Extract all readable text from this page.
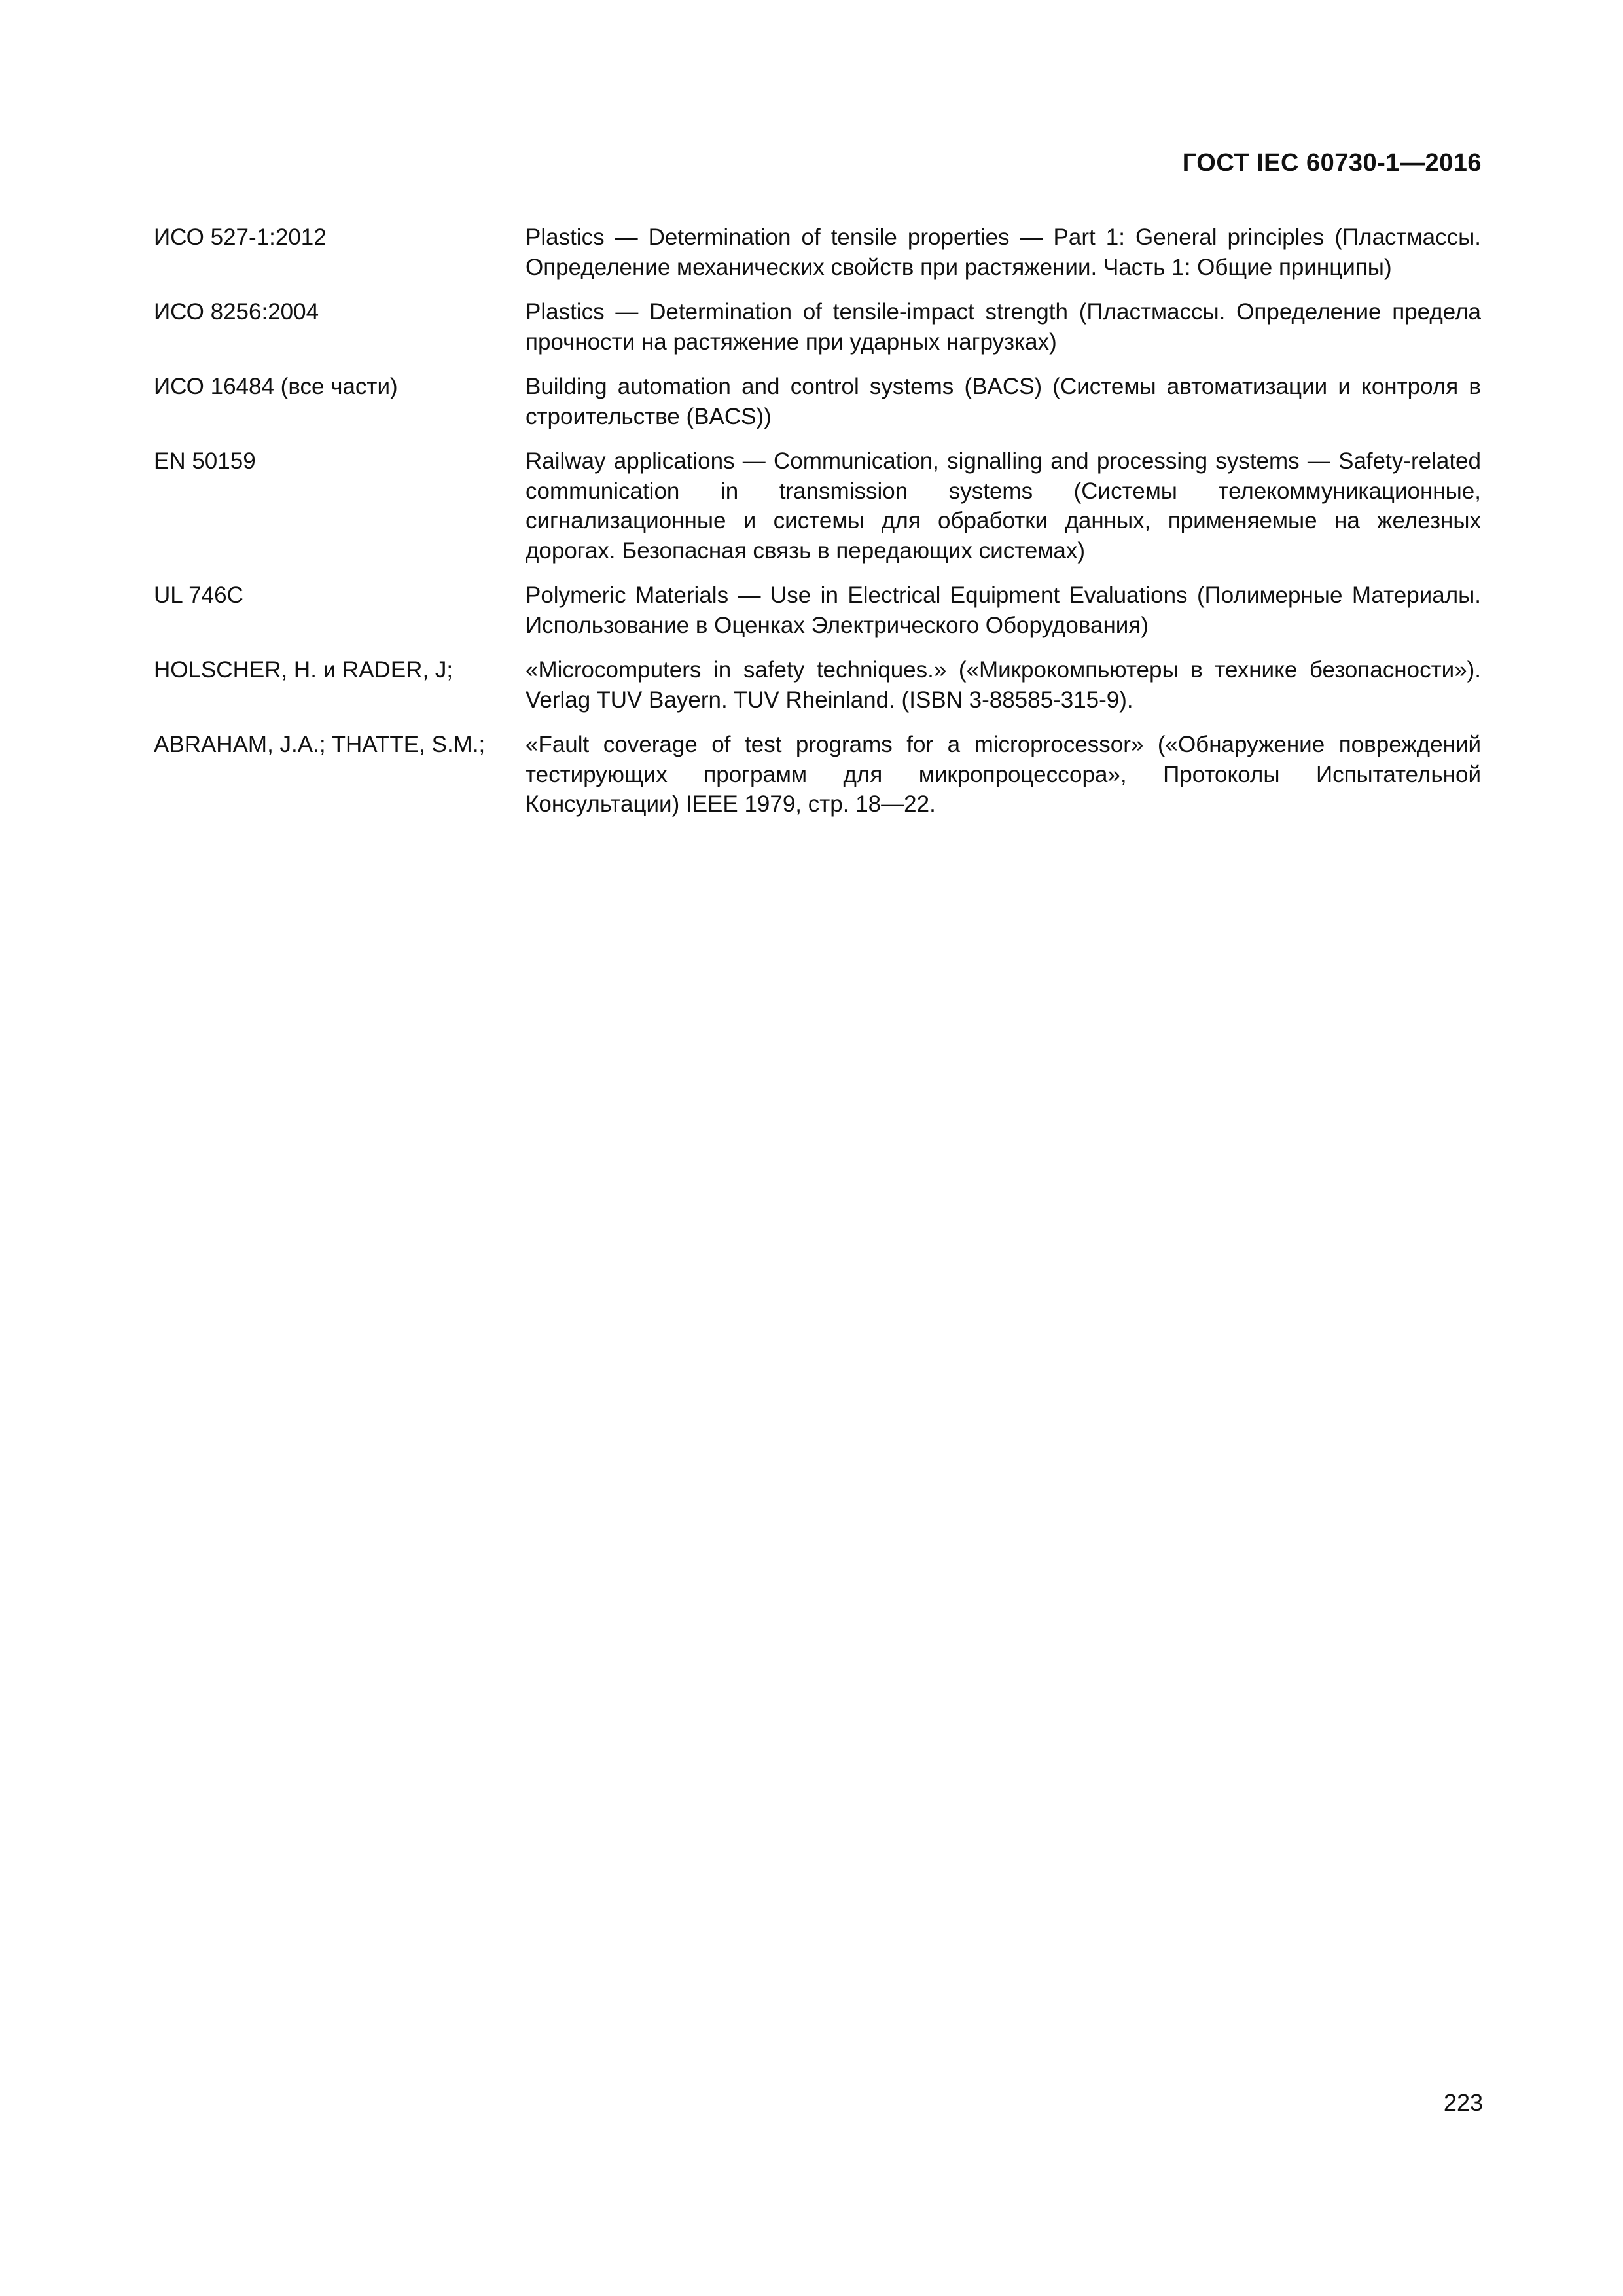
ГОСТ IEC 60730-1—2016
ИСО 527-1:2012	Plastics — Determination of tensile properties — Part 1: General principles (Пластмассы. Определение механических свойств при растяжении. Часть 1: Общие принципы)
ИСО 8256:2004	Plastics — Determination of tensile-impact strength (Пластмассы. Определение предела прочности на растяжение при ударных нагрузках)
ИСО 16484 (все части)	Building automation and control systems (BACS) (Системы автоматизации и контроля в строительстве (BACS))
EN 50159	Railway applications — Communication, signalling and processing systems — Safety-related communication in transmission systems (Системы телекоммуникационные, сигнализационные и системы для обработки данных, применяемые на железных дорогах. Безопасная связь в передающих системах)
UL 746C	Polymeric Materials — Use in Electrical Equipment Evaluations (Полимерные Материалы. Использование в Оценках Электрического Оборудования)
HOLSCHER, H. и RADER, J;	«Microcomputers in safety techniques.» («Микрокомпьютеры в технике безопасности»). Verlag TUV Bayern. TUV Rheinland. (ISBN 3-88585-315-9).
ABRAHAM, J.A.; THATTE, S.M.;	«Fault coverage of test programs for a microprocessor» («Обнаружение повреждений тестирующих программ для микропроцессора», Протоколы Испытательной Консультации) IEEE 1979, стр. 18—22.
223
